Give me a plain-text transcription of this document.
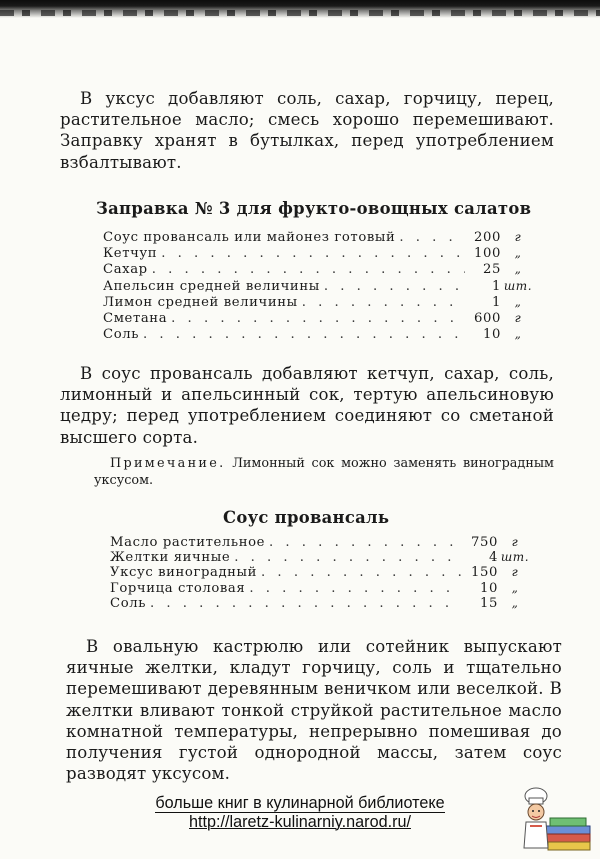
В уксус добавляют соль, сахар, горчицу, перец, растительное масло; смесь хорошо перемешивают. Заправку хранят в бутылках, перед употреблением взбалтывают.

Заправка № 3 для фрукто-овощных салатов
Соус провансаль или майонез готовый . . .	200	г
Кетчуп . . .	100	„
Сахар . . .	25	„
Апельсин средней величины . . .	1 шт.
Лимон средней величины . . .	1	„
Сметана . . .	600	г
Соль . . .	10	„

В соус провансаль добавляют кетчуп, сахар, соль, лимонный и апельсинный сок, тертую апельсиновую цедру; перед употреблением соединяют со сметаной высшего сорта.

Примечание. Лимонный сок можно заменять виноградным уксусом.

Соус провансаль
Масло растительное . . .	750	г
Желтки яичные . . .	4 шт.
Уксус виноградный . . .	150	г
Горчица столовая . . .	10	„
Соль . . .	15	„

В овальную кастрюлю или сотейник выпускают яичные желтки, кладут горчицу, соль и тщательно перемешивают деревянным веничком или веселкой. В желтки вливают тонкой струйкой растительное масло комнатной температуры, непрерывно помешивая до получения густой однородной массы, затем соус разводят уксусом.

больше книг в кулинарной библиотеке
http://laretz-kulinarniy.narod.ru/
